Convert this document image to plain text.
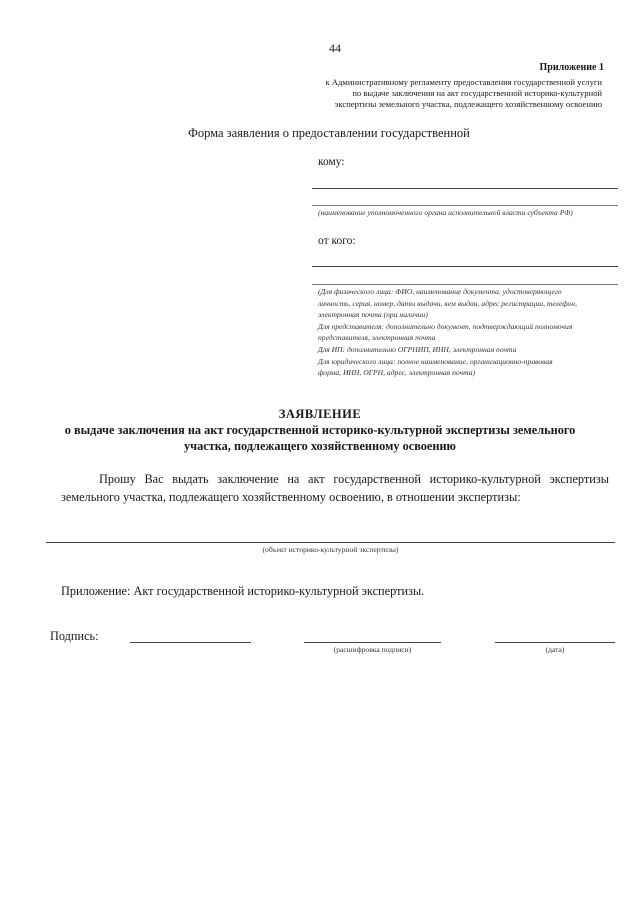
44
Приложение 1
к Административному регламенту предоставления государственной услуги
по выдаче заключения на акт государственной историко-культурной
экспертизы земельного участка, подлежащего хозяйственному освоению
Форма заявления о предоставлении государственной
кому:
(наименование уполномоченного органа исполнительной власти субъекта РФ)
от кого:
(Для физического лица: ФИО, наименование документа, удостоверяющего
личность, серия, номер, даты выдачи, кем выдан, адрес регистрации, телефон,
электронная почта (при наличии)
Для представителя: дополнительно документ, подтверждающий полномочия
представителя, электронная почта
Для ИП: дополнительно ОГРНИП, ИНН, электронная почта
Для юридического лица: полное наименование, организационно-правовая
форма, ИНН, ОГРН, адрес, электронная почта)
ЗАЯВЛЕНИЕ
о выдаче заключения на акт государственной историко-культурной экспертизы земельного
участка, подлежащего хозяйственному освоению
Прошу Вас выдать заключение на акт государственной историко-культурной экспертизы земельного участка, подлежащего хозяйственному освоению, в отношении экспертизы:
(объект историко-культурной экспертизы)
Приложение: Акт государственной историко-культурной экспертизы.
Подпись:
(расшифровка подписи)	(дата)
